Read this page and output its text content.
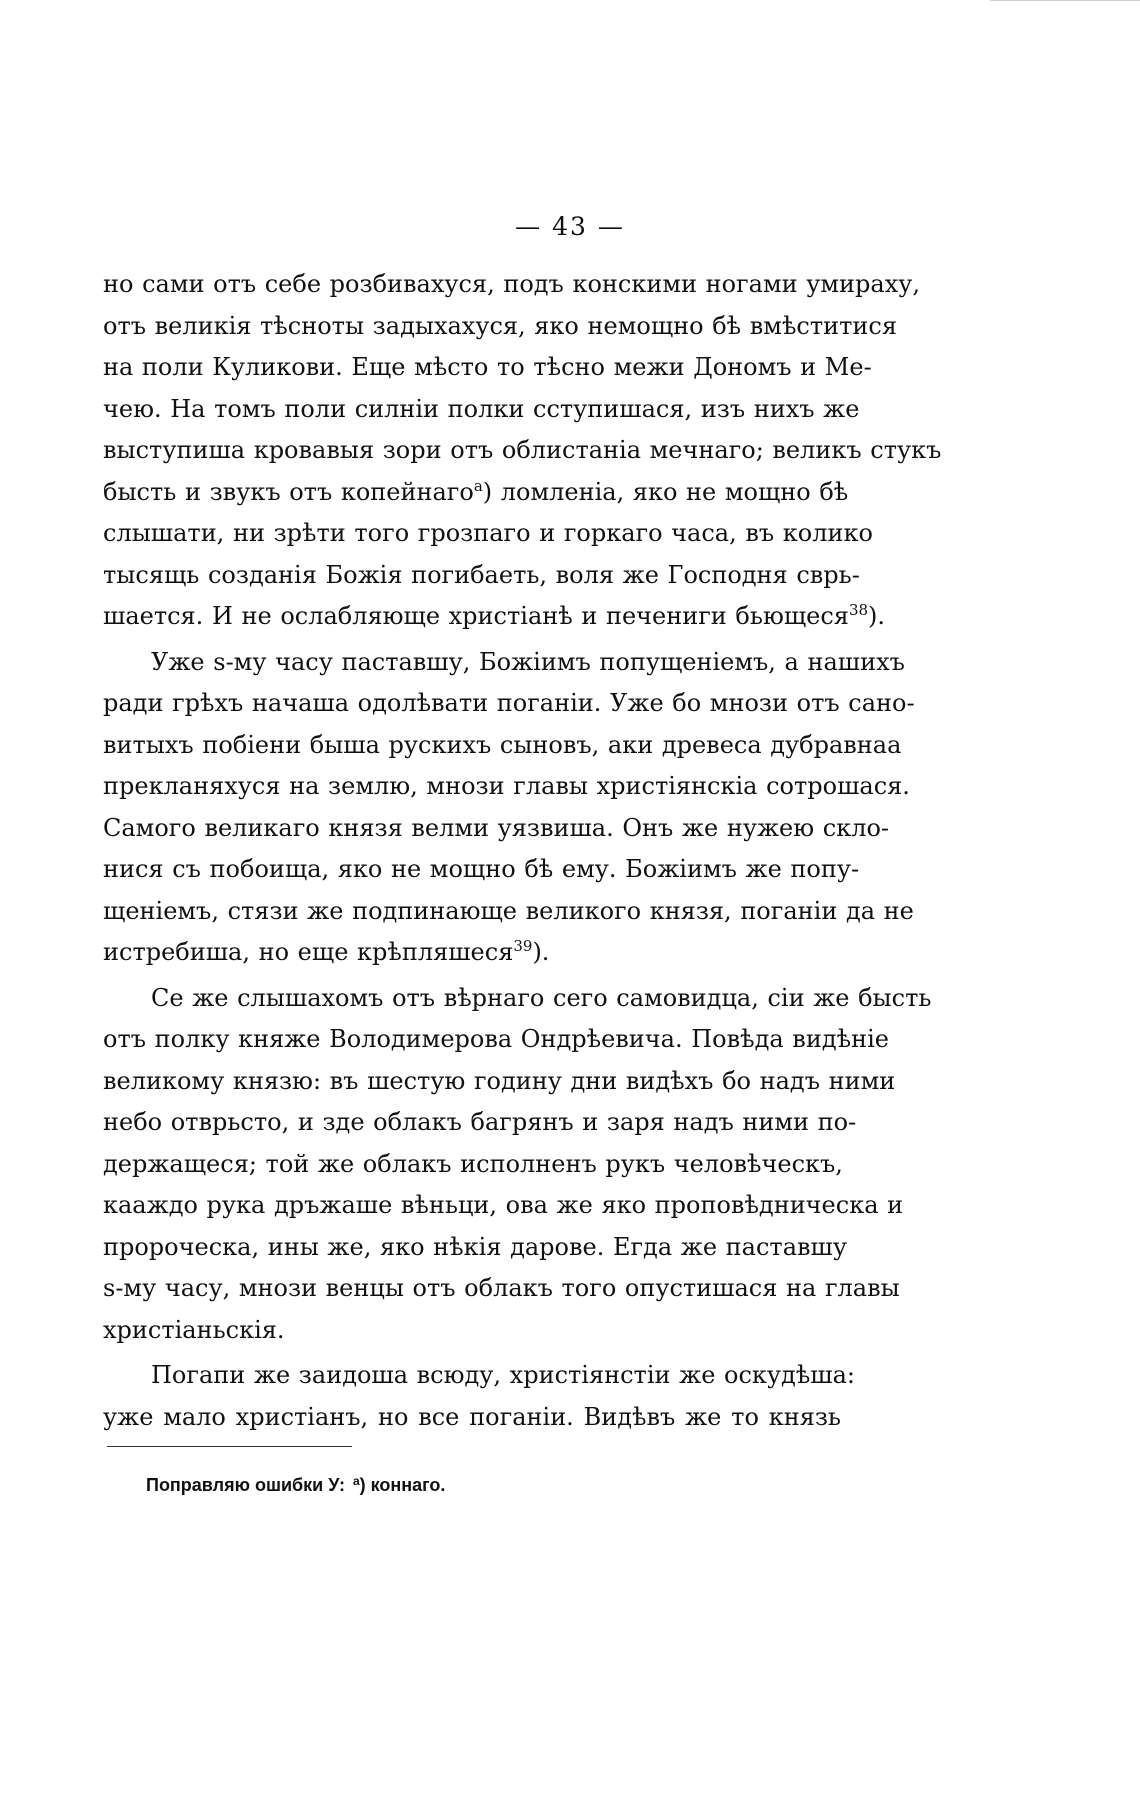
— 43 —
но сами отъ себе розбивахуся, подъ конскими ногами умираху,
отъ великія тѣсноты задыхахуся, яко немощно бѣ вмѣститися
на поли Куликови. Еще мѣсто то тѣсно межи Дономъ и Ме-
чею. На томъ поли силніи полки сступишася, изъ нихъ же
выступиша кровавыя зори отъ облистаніа мечнаго; великъ стукъ
бысть и звукъ отъ копейнаго$^a$) ломленіа, яко не мощно бѣ
слышати, ни зрѣти того грозпаго и горкаго часа, въ колико
тысящь созданія Божія погибаеть, воля же Господня сврь-
шается. И не ослабляюще христіанѣ и печениги бьющеся$^{38}$).
Уже ѕ-му часу паставшу, Божіимъ попущеніемъ, а нашихъ
ради грѣхъ начаша одолѣвати поганіи. Уже бо мнози отъ сано-
витыхъ побіени быша рускихъ сыновъ, аки древеса дубравнаа
прекланяхуся на землю, мнози главы христіянскіа сотрошася.
Самого великаго князя велми уязвиша. Онъ же нужею скло-
нися съ побоища, яко не мощно бѣ ему. Божіимъ же попу-
щеніемъ, стязи же подпинающе великого князя, поганіи да не
истребиша, но еще крѣпляшеся$^{39}$).
Се же слышахомъ отъ вѣрнаго сего самовидца, сіи же бысть
отъ полку княже Володимерова Ондрѣевича. Повѣда видѣніе
великому князю: въ шестую годину дни видѣхъ бо надъ ними
небо отврьсто, и зде облакъ багрянъ и заря надъ ними по-
держащеся; той же облакъ исполненъ рукъ человѣческъ,
кааждо рука дръжаше вѣньци, ова же яко проповѣдническа и
пророческа, ины же, яко нѣкія дарове. Егда же паставшу
ѕ-му часу, мнози венцы отъ облакъ того опустишася на главы
христіаньскія.
Погапи же заидоша всюду, христіянстіи же оскудѣша:
уже мало христіанъ, но все поганіи. Видѣвъ же то князь
Поправляю ошибки У: $^a$) коннаго.
